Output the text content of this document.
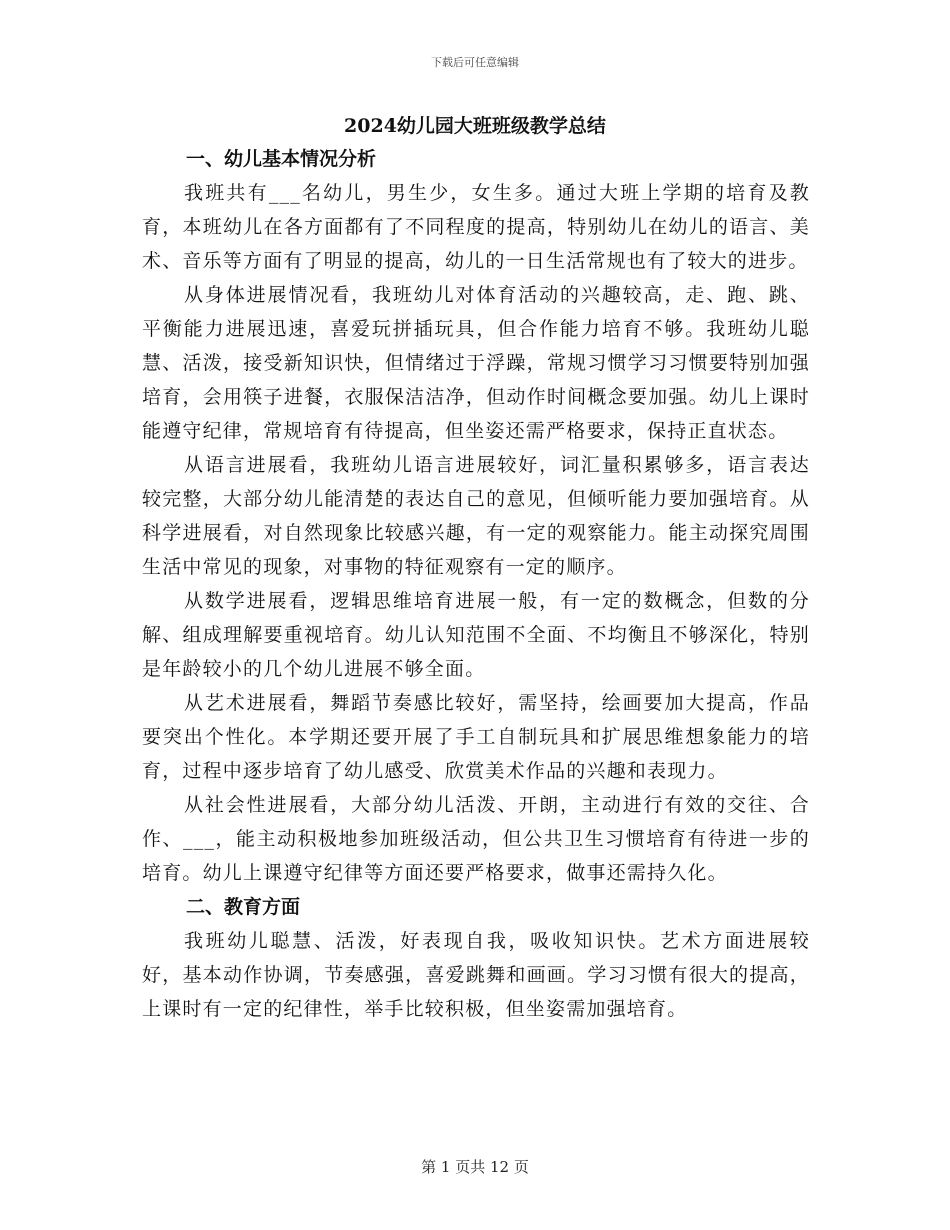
下载后可任意编辑
2024幼儿园大班班级教学总结
一、幼儿基本情况分析

我班共有___名幼儿，男生少，女生多。通过大班上学期的培育及教育，本班幼儿在各方面都有了不同程度的提高，特别幼儿在幼儿的语言、美术、音乐等方面有了明显的提高，幼儿的一日生活常规也有了较大的进步。

从身体进展情况看，我班幼儿对体育活动的兴趣较高，走、跑、跳、平衡能力进展迅速，喜爱玩拼插玩具，但合作能力培育不够。我班幼儿聪慧、活泼，接受新知识快，但情绪过于浮躁，常规习惯学习习惯要特别加强培育，会用筷子进餐，衣服保洁洁净，但动作时间概念要加强。幼儿上课时能遵守纪律，常规培育有待提高，但坐姿还需严格要求，保持正直状态。

从语言进展看，我班幼儿语言进展较好，词汇量积累够多，语言表达较完整，大部分幼儿能清楚的表达自己的意见，但倾听能力要加强培育。从科学进展看，对自然现象比较感兴趣，有一定的观察能力。能主动探究周围生活中常见的现象，对事物的特征观察有一定的顺序。

从数学进展看，逻辑思维培育进展一般，有一定的数概念，但数的分解、组成理解要重视培育。幼儿认知范围不全面、不均衡且不够深化，特别是年龄较小的几个幼儿进展不够全面。

从艺术进展看，舞蹈节奏感比较好，需坚持，绘画要加大提高，作品要突出个性化。本学期还要开展了手工自制玩具和扩展思维想象能力的培育，过程中逐步培育了幼儿感受、欣赏美术作品的兴趣和表现力。

从社会性进展看，大部分幼儿活泼、开朗，主动进行有效的交往、合作、___，能主动积极地参加班级活动，但公共卫生习惯培育有待进一步的培育。幼儿上课遵守纪律等方面还要严格要求，做事还需持久化。

二、教育方面

我班幼儿聪慧、活泼，好表现自我，吸收知识快。艺术方面进展较好，基本动作协调，节奏感强，喜爱跳舞和画画。学习习惯有很大的提高，上课时有一定的纪律性，举手比较积极，但坐姿需加强培育。

第 1 页共 12 页
